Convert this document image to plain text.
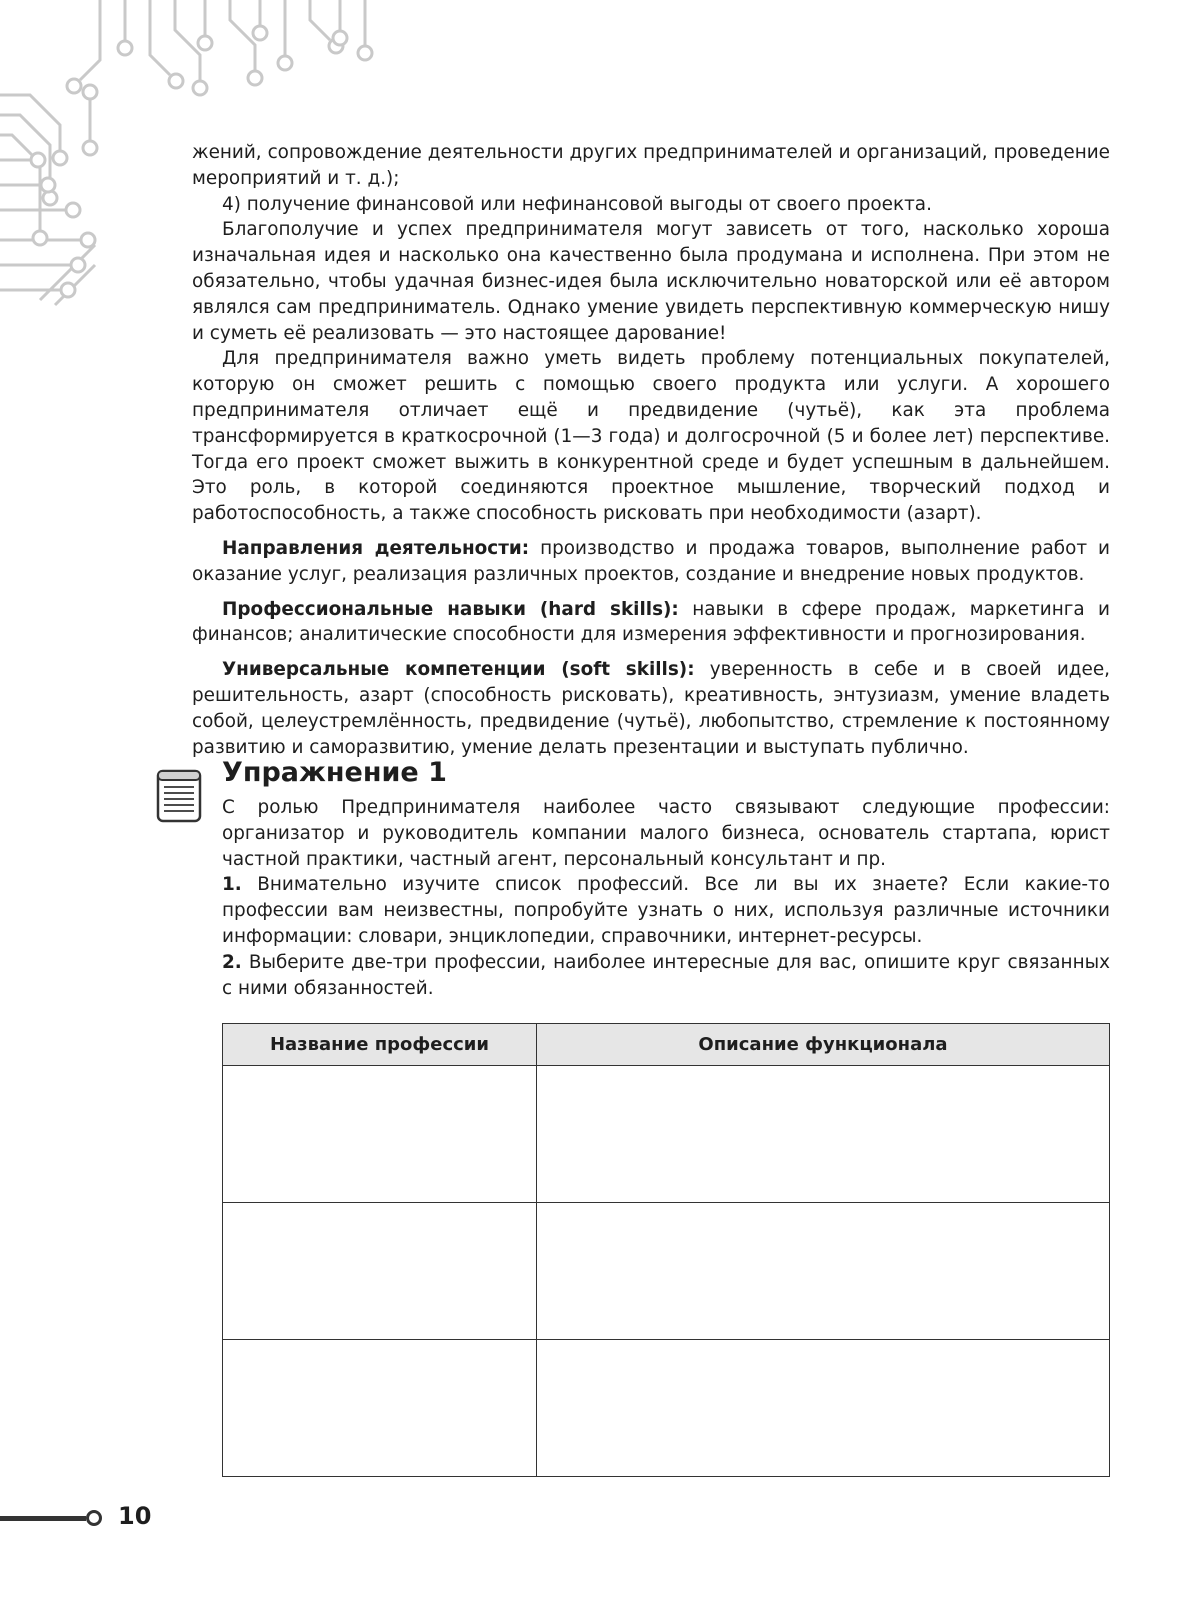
жений, сопровождение деятельности других предпринимателей и организаций, проведение мероприятий и т. д.);

4) получение финансовой или нефинансовой выгоды от своего проекта.

Благополучие и успех предпринимателя могут зависеть от того, насколько хороша изначальная идея и насколько она качественно была продумана и исполнена. При этом не обязательно, чтобы удачная бизнес-идея была исключительно новаторской или её автором являлся сам предприниматель. Однако умение увидеть перспективную коммерческую нишу и суметь её реализовать — это настоящее дарование!

Для предпринимателя важно уметь видеть проблему потенциальных покупателей, которую он сможет решить с помощью своего продукта или услуги. А хорошего предпринимателя отличает ещё и предвидение (чутьё), как эта проблема трансформируется в краткосрочной (1—3 года) и долгосрочной (5 и более лет) перспективе. Тогда его проект сможет выжить в конкурентной среде и будет успешным в дальнейшем. Это роль, в которой соединяются проектное мышление, творческий подход и работоспособность, а также способность рисковать при необходимости (азарт).

Направления деятельности: производство и продажа товаров, выполнение работ и оказание услуг, реализация различных проектов, создание и внедрение новых продуктов.

Профессиональные навыки (hard skills): навыки в сфере продаж, маркетинга и финансов; аналитические способности для измерения эффективности и прогнозирования.

Универсальные компетенции (soft skills): уверенность в себе и в своей идее, решительность, азарт (способность рисковать), креативность, энтузиазм, умение владеть собой, целеустремлённость, предвидение (чутьё), любопытство, стремление к постоянному развитию и саморазвитию, умение делать презентации и выступать публично.

Упражнение 1

С ролью Предпринимателя наиболее часто связывают следующие профессии: организатор и руководитель компании малого бизнеса, основатель стартапа, юрист частной практики, частный агент, персональный консультант и пр.

1. Внимательно изучите список профессий. Все ли вы их знаете? Если какие-то профессии вам неизвестны, попробуйте узнать о них, используя различные источники информации: словари, энциклопедии, справочники, интернет-ресурсы.

2. Выберите две-три профессии, наиболее интересные для вас, опишите круг связанных с ними обязанностей.

Название профессии	Описание функционала

10
